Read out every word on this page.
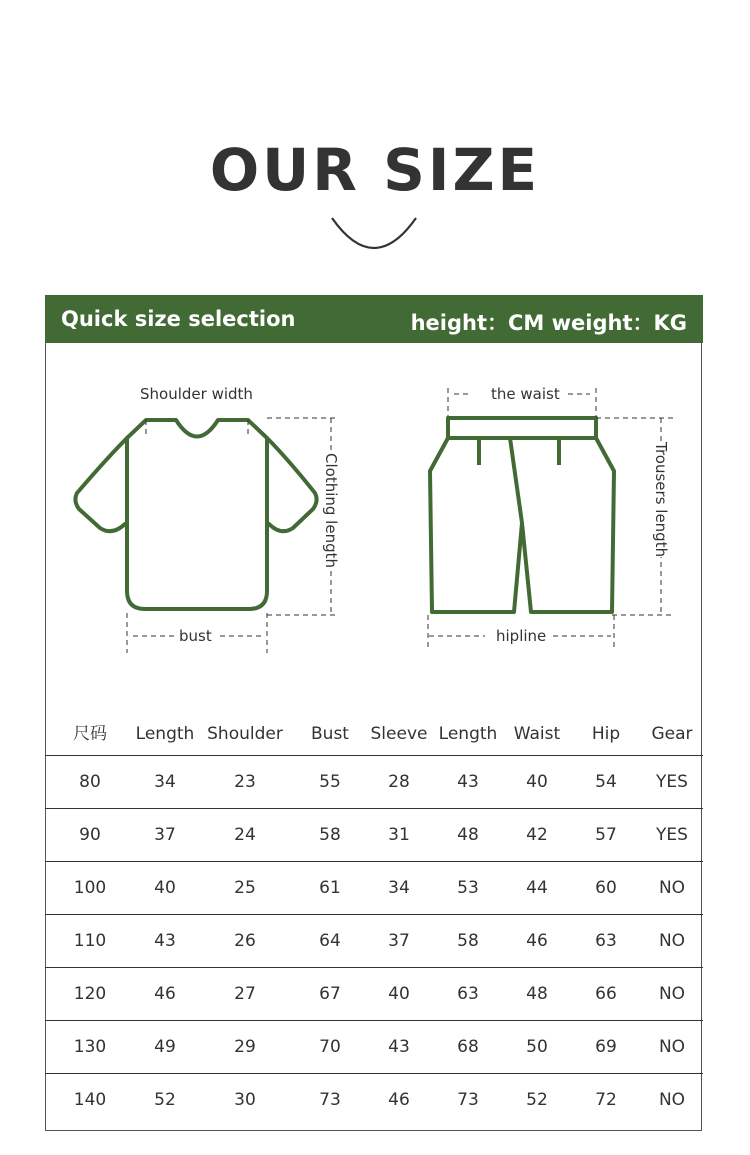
OUR SIZE
Quick size selection	height：CM weight：KG
Shoulder width
Clothing length
bust
the waist
Trousers length
hipline
尺码	Length	Shoulder	Bust	Sleeve	Length	Waist	Hip	Gear
80	34	23	55	28	43	40	54	YES
90	37	24	58	31	48	42	57	YES
100	40	25	61	34	53	44	60	NO
110	43	26	64	37	58	46	63	NO
120	46	27	67	40	63	48	66	NO
130	49	29	70	43	68	50	69	NO
140	52	30	73	46	73	52	72	NO
